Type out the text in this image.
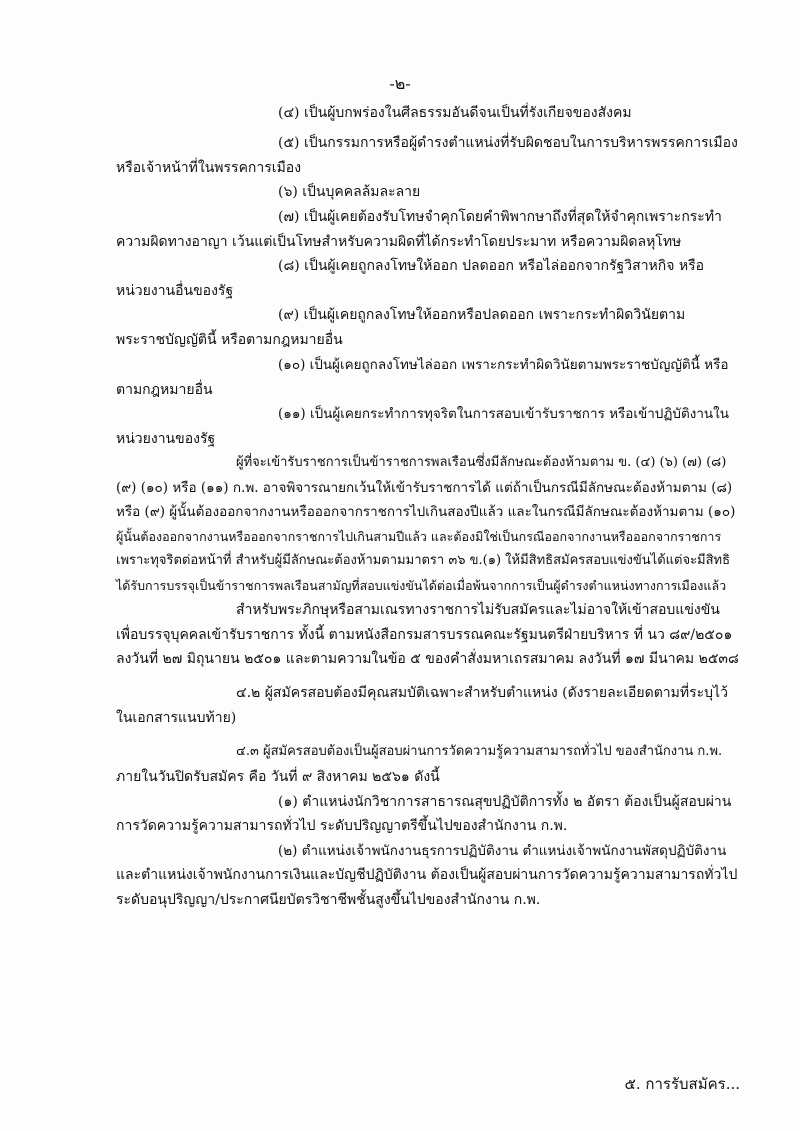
-๒-
(๔) เป็นผู้บกพร่องในศีลธรรมอันดีจนเป็นที่รังเกียจของสังคม
(๕) เป็นกรรมการหรือผู้ดำรงตำแหน่งที่รับผิดชอบในการบริหารพรรคการเมือง
หรือเจ้าหน้าที่ในพรรคการเมือง
(๖) เป็นบุคคลล้มละลาย
(๗) เป็นผู้เคยต้องรับโทษจำคุกโดยคำพิพากษาถึงที่สุดให้จำคุกเพราะกระทำ
ความผิดทางอาญา เว้นแต่เป็นโทษสำหรับความผิดที่ได้กระทำโดยประมาท หรือความผิดลหุโทษ
(๘) เป็นผู้เคยถูกลงโทษให้ออก ปลดออก หรือไล่ออกจากรัฐวิสาหกิจ หรือ
หน่วยงานอื่นของรัฐ
(๙) เป็นผู้เคยถูกลงโทษให้ออกหรือปลดออก เพราะกระทำผิดวินัยตาม
พระราชบัญญัตินี้ หรือตามกฎหมายอื่น
(๑๐) เป็นผู้เคยถูกลงโทษไล่ออก เพราะกระทำผิดวินัยตามพระราชบัญญัตินี้ หรือ
ตามกฎหมายอื่น
(๑๑) เป็นผู้เคยกระทำการทุจริตในการสอบเข้ารับราชการ หรือเข้าปฏิบัติงานใน
หน่วยงานของรัฐ
ผู้ที่จะเข้ารับราชการเป็นข้าราชการพลเรือนซึ่งมีลักษณะต้องห้ามตาม ข. (๔) (๖) (๗) (๘)
(๙) (๑๐) หรือ (๑๑) ก.พ. อาจพิจารณายกเว้นให้เข้ารับราชการได้ แต่ถ้าเป็นกรณีมีลักษณะต้องห้ามตาม (๘)
หรือ (๙) ผู้นั้นต้องออกจากงานหรือออกจากราชการไปเกินสองปีแล้ว และในกรณีมีลักษณะต้องห้ามตาม (๑๐)
ผู้นั้นต้องออกจากงานหรือออกจากราชการไปเกินสามปีแล้ว และต้องมิใช่เป็นกรณีออกจากงานหรือออกจากราชการ
เพราะทุจริตต่อหน้าที่ สำหรับผู้มีลักษณะต้องห้ามตามมาตรา ๓๖ ข.(๑) ให้มีสิทธิสมัครสอบแข่งขันได้แต่จะมีสิทธิ
ได้รับการบรรจุเป็นข้าราชการพลเรือนสามัญที่สอบแข่งขันได้ต่อเมื่อพ้นจากการเป็นผู้ดำรงตำแหน่งทางการเมืองแล้ว
สำหรับพระภิกษุหรือสามเณรทางราชการไม่รับสมัครและไม่อาจให้เข้าสอบแข่งขัน
เพื่อบรรจุบุคคลเข้ารับราชการ ทั้งนี้ ตามหนังสือกรมสารบรรณคณะรัฐมนตรีฝ่ายบริหาร ที่ นว ๘๙/๒๕๐๑
ลงวันที่ ๒๗ มิถุนายน ๒๕๐๑ และตามความในข้อ ๕ ของคำสั่งมหาเถรสมาคม ลงวันที่ ๑๗ มีนาคม ๒๕๓๘
๔.๒ ผู้สมัครสอบต้องมีคุณสมบัติเฉพาะสำหรับตำแหน่ง (ดังรายละเอียดตามที่ระบุไว้
ในเอกสารแนบท้าย)
๔.๓ ผู้สมัครสอบต้องเป็นผู้สอบผ่านการวัดความรู้ความสามารถทั่วไป ของสำนักงาน ก.พ.
ภายในวันปิดรับสมัคร คือ วันที่ ๙ สิงหาคม ๒๕๖๑ ดังนี้
(๑) ตำแหน่งนักวิชาการสาธารณสุขปฏิบัติการทั้ง ๒ อัตรา ต้องเป็นผู้สอบผ่าน
การวัดความรู้ความสามารถทั่วไป ระดับปริญญาตรีขึ้นไปของสำนักงาน ก.พ.
(๒) ตำแหน่งเจ้าพนักงานธุรการปฏิบัติงาน ตำแหน่งเจ้าพนักงานพัสดุปฏิบัติงาน
และตำแหน่งเจ้าพนักงานการเงินและบัญชีปฏิบัติงาน ต้องเป็นผู้สอบผ่านการวัดความรู้ความสามารถทั่วไป
ระดับอนุปริญญา/ประกาศนียบัตรวิชาชีพชั้นสูงขึ้นไปของสำนักงาน ก.พ.
๕. การรับสมัคร...
